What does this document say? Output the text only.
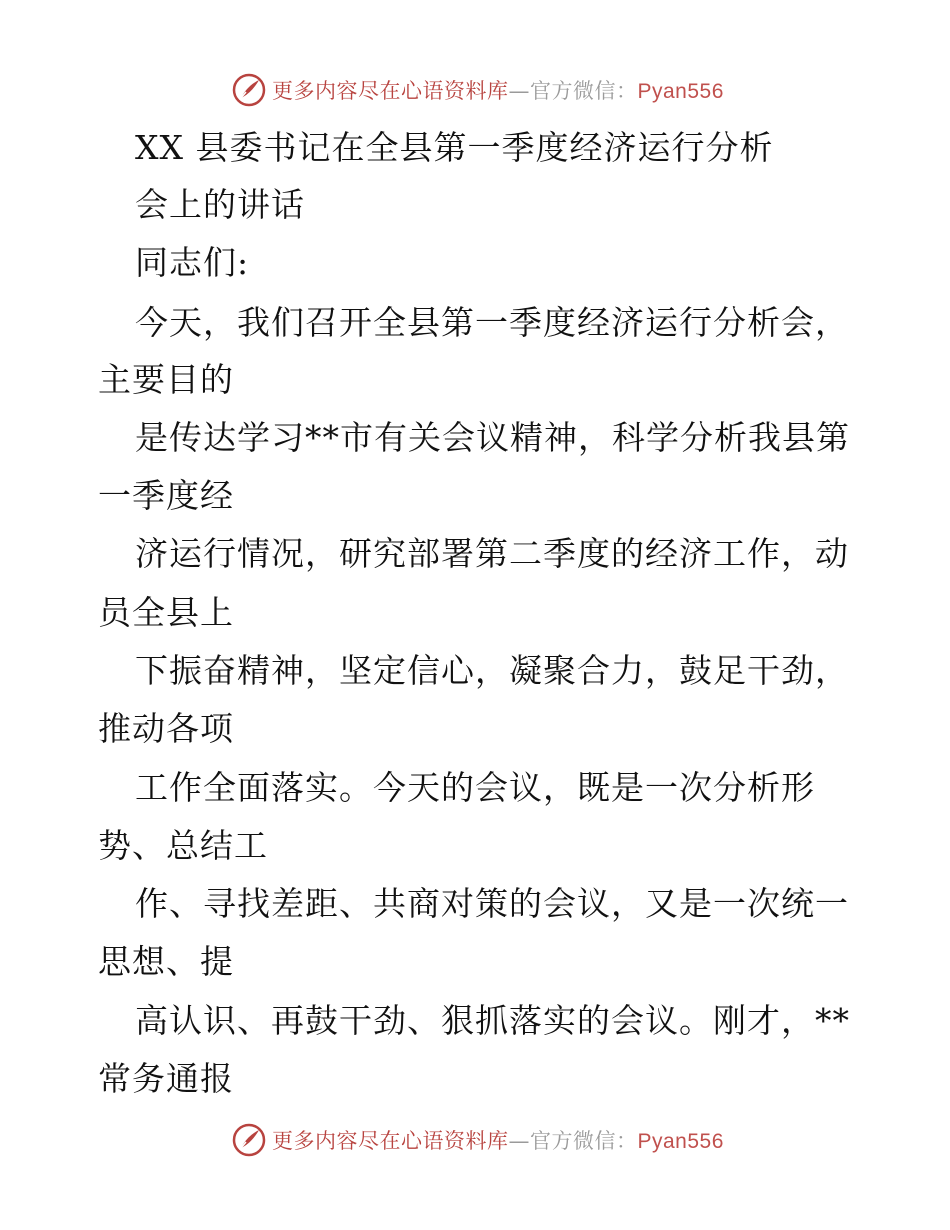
更多内容尽在心语资料库—官方微信：Pyan556
XX 县委书记在全县第一季度经济运行分析
会上的讲话
同志们:
今天，我们召开全县第一季度经济运行分析会，
主要目的
是传达学习**市有关会议精神，科学分析我县第
一季度经
济运行情况，研究部署第二季度的经济工作，动
员全县上
下振奋精神，坚定信心，凝聚合力，鼓足干劲，
推动各项
工作全面落实。今天的会议，既是一次分析形
势、总结工
作、寻找差距、共商对策的会议，又是一次统一
思想、提
高认识、再鼓干劲、狠抓落实的会议。刚才，**
常务通报
更多内容尽在心语资料库—官方微信：Pyan556
